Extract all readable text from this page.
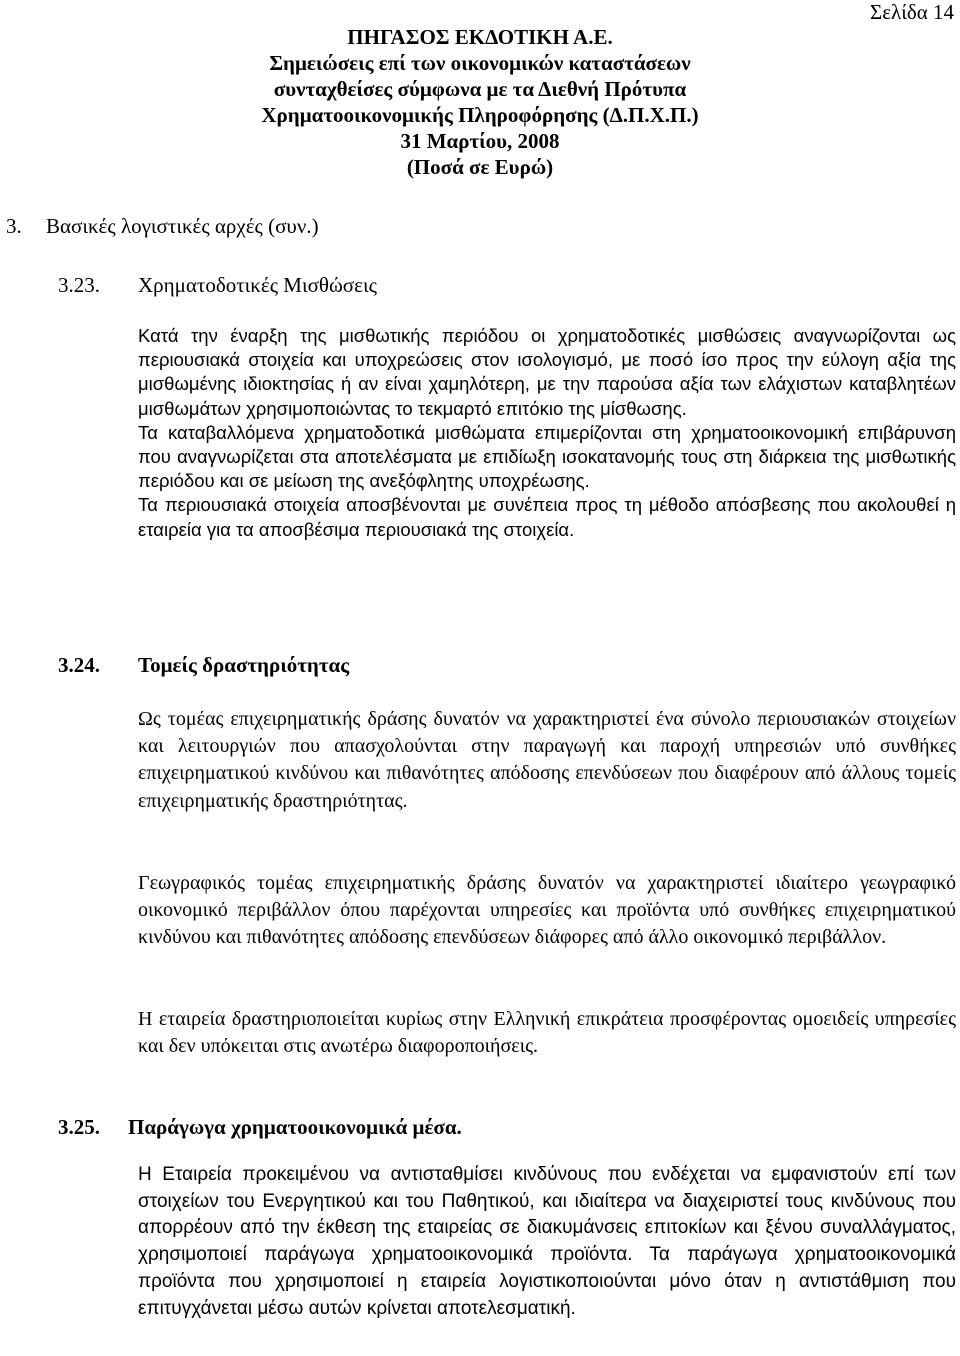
Σελίδα 14
ΠΗΓΑΣΟΣ ΕΚΔΟΤΙΚΗ Α.Ε.
Σημειώσεις επί των οικονομικών καταστάσεων
συνταχθείσες σύμφωνα με τα Διεθνή Πρότυπα
Χρηματοοικονομικής Πληροφόρησης (Δ.Π.Χ.Π.)
31 Μαρτίου, 2008
(Ποσά σε Ευρώ)
3. Βασικές λογιστικές αρχές (συν.)
3.23. Χρηματοδοτικές Μισθώσεις

Κατά την έναρξη της μισθωτικής περιόδου οι χρηματοδοτικές μισθώσεις αναγνωρίζονται ως περιουσιακά στοιχεία και υποχρεώσεις στον ισολογισμό, με ποσό ίσο προς την εύλογη αξία της μισθωμένης ιδιοκτησίας ή αν είναι χαμηλότερη, με την παρούσα αξία των ελάχιστων καταβλητέων μισθωμάτων χρησιμοποιώντας το τεκμαρτό επιτόκιο της μίσθωσης.

Τα καταβαλλόμενα χρηματοδοτικά μισθώματα επιμερίζονται στη χρηματοοικονομική επιβάρυνση που αναγνωρίζεται στα αποτελέσματα με επιδίωξη ισοκατανομής τους στη διάρκεια της μισθωτικής περιόδου και σε μείωση της ανεξόφλητης υποχρέωσης.

Τα περιουσιακά στοιχεία αποσβένονται με συνέπεια προς τη μέθοδο απόσβεσης που ακολουθεί η εταιρεία για τα αποσβέσιμα περιουσιακά της στοιχεία.

3.24. Τομείς δραστηριότητας

Ως τομέας επιχειρηματικής δράσης δυνατόν να χαρακτηριστεί ένα σύνολο περιουσιακών στοιχείων και λειτουργιών που απασχολούνται στην παραγωγή και παροχή υπηρεσιών υπό συνθήκες επιχειρηματικού κινδύνου και πιθανότητες απόδοσης επενδύσεων που διαφέρουν από άλλους τομείς επιχειρηματικής δραστηριότητας.

Γεωγραφικός τομέας επιχειρηματικής δράσης δυνατόν να χαρακτηριστεί ιδιαίτερο γεωγραφικό οικονομικό περιβάλλον όπου παρέχονται υπηρεσίες και προϊόντα υπό συνθήκες επιχειρηματικού κινδύνου και πιθανότητες απόδοσης επενδύσεων διάφορες από άλλο οικονομικό περιβάλλον.

Η εταιρεία δραστηριοποιείται κυρίως στην Ελληνική επικράτεια προσφέροντας ομοειδείς υπηρεσίες και δεν υπόκειται στις ανωτέρω διαφοροποιήσεις.

3.25. Παράγωγα χρηματοοικονομικά μέσα.

Η Εταιρεία προκειμένου να αντισταθμίσει κινδύνους που ενδέχεται να εμφανιστούν επί των στοιχείων του Ενεργητικού και του Παθητικού, και ιδιαίτερα να διαχειριστεί τους κινδύνους που απορρέουν από την έκθεση της εταιρείας σε διακυμάνσεις επιτοκίων και ξένου συναλλάγματος, χρησιμοποιεί παράγωγα χρηματοοικονομικά προϊόντα. Τα παράγωγα χρηματοοικονομικά προϊόντα που χρησιμοποιεί η εταιρεία λογιστικοποιούνται μόνο όταν η αντιστάθμιση που επιτυγχάνεται μέσω αυτών κρίνεται αποτελεσματική.
